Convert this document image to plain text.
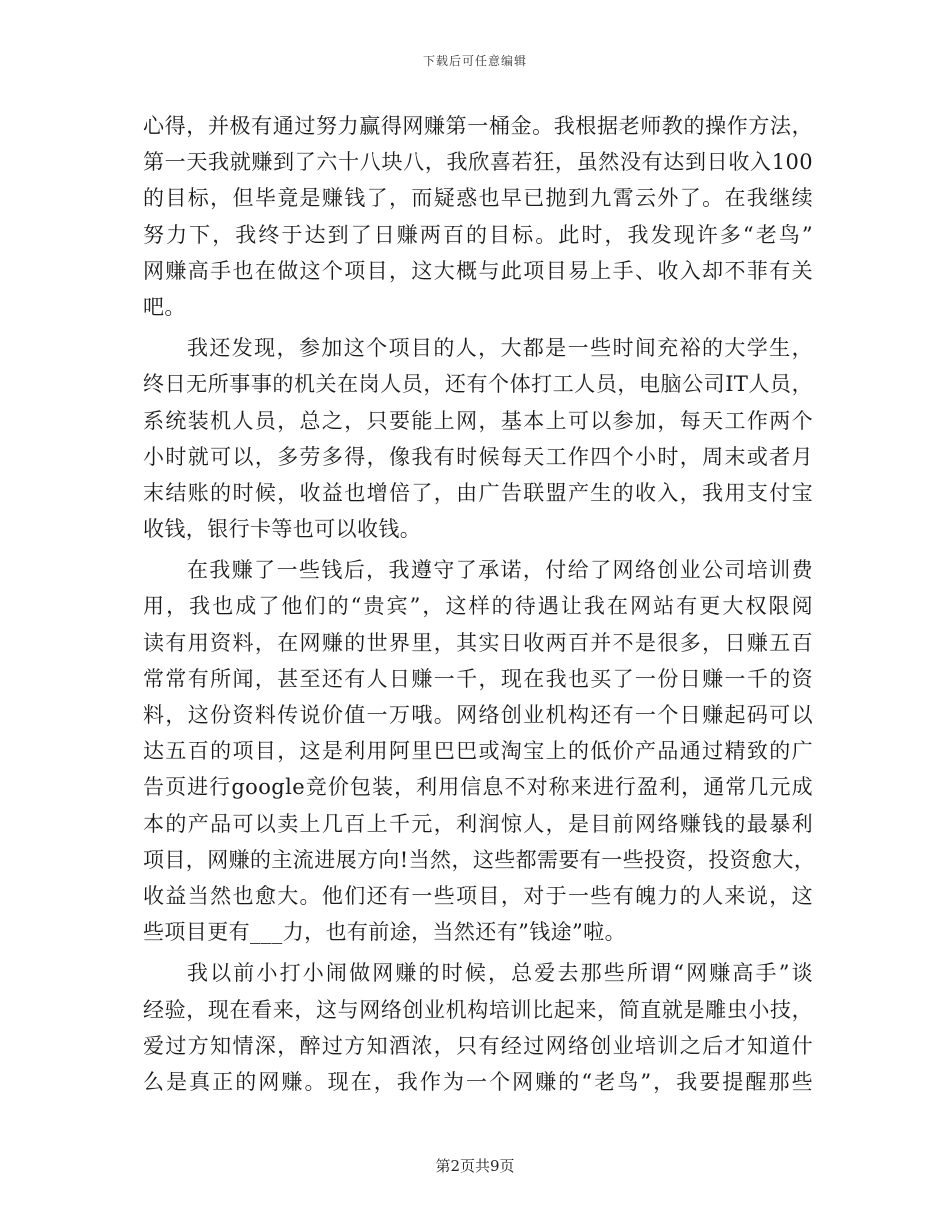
下载后可任意编辑
心得，并极有通过努力赢得网赚第一桶金。我根据老师教的操作方法，
第一天我就赚到了六十八块八，我欣喜若狂，虽然没有达到日收入100
的目标，但毕竟是赚钱了，而疑惑也早已抛到九霄云外了。在我继续
努力下，我终于达到了日赚两百的目标。此时，我发现许多“老鸟”
网赚高手也在做这个项目，这大概与此项目易上手、收入却不菲有关
吧。
我还发现，参加这个项目的人，大都是一些时间充裕的大学生，
终日无所事事的机关在岗人员，还有个体打工人员，电脑公司IT人员，
系统装机人员，总之，只要能上网，基本上可以参加，每天工作两个
小时就可以，多劳多得，像我有时候每天工作四个小时，周末或者月
末结账的时候，收益也增倍了，由广告联盟产生的收入，我用支付宝
收钱，银行卡等也可以收钱。
在我赚了一些钱后，我遵守了承诺，付给了网络创业公司培训费
用，我也成了他们的“贵宾”，这样的待遇让我在网站有更大权限阅
读有用资料，在网赚的世界里，其实日收两百并不是很多，日赚五百
常常有所闻，甚至还有人日赚一千，现在我也买了一份日赚一千的资
料，这份资料传说价值一万哦。网络创业机构还有一个日赚起码可以
达五百的项目，这是利用阿里巴巴或淘宝上的低价产品通过精致的广
告页进行google竞价包装，利用信息不对称来进行盈利，通常几元成
本的产品可以卖上几百上千元，利润惊人，是目前网络赚钱的最暴利
项目，网赚的主流进展方向!当然，这些都需要有一些投资，投资愈大，
收益当然也愈大。他们还有一些项目，对于一些有魄力的人来说，这
些项目更有___力，也有前途，当然还有”钱途”啦。
我以前小打小闹做网赚的时候，总爱去那些所谓“网赚高手”谈
经验，现在看来，这与网络创业机构培训比起来，简直就是雕虫小技，
爱过方知情深，醉过方知酒浓，只有经过网络创业培训之后才知道什
么是真正的网赚。现在，我作为一个网赚的“老鸟”，我要提醒那些
第2页共9页
